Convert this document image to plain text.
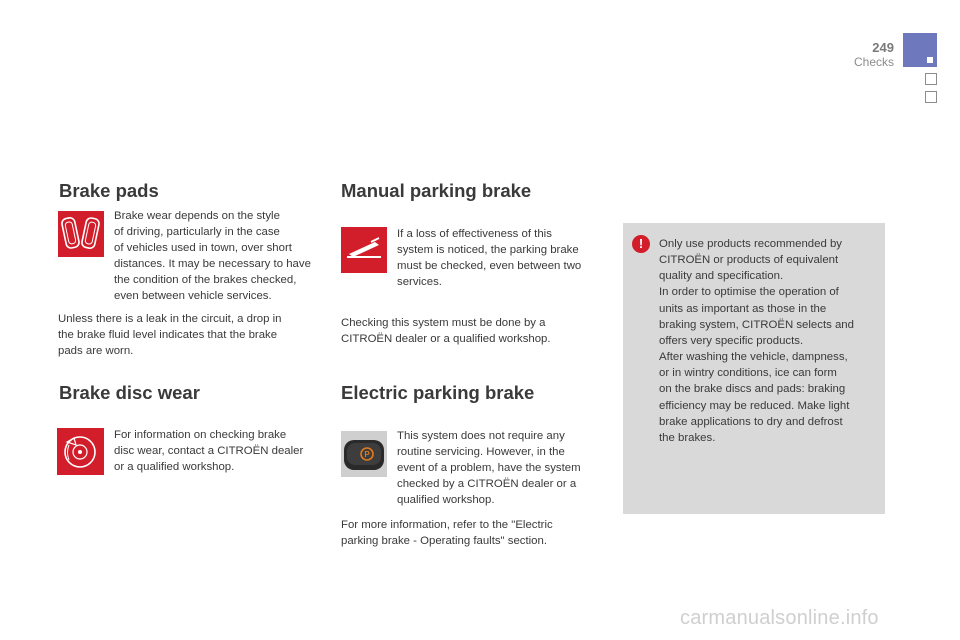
249
Checks
Brake pads
Brake wear depends on the style
of driving, particularly in the case
of vehicles used in town, over short
distances. It may be necessary to have
the condition of the brakes checked,
even between vehicle services.
Unless there is a leak in the circuit, a drop in
the brake fluid level indicates that the brake
pads are worn.
Brake disc wear
For information on checking brake
disc wear, contact a CITROËN dealer
or a qualified workshop.
Manual parking brake
If a loss of effectiveness of this
system is noticed, the parking brake
must be checked, even between two
services.
Checking this system must be done by a
CITROËN dealer or a qualified workshop.
Electric parking brake
P
This system does not require any
routine servicing. However, in the
event of a problem, have the system
checked by a CITROËN dealer or a
qualified workshop.
For more information, refer to the "Electric
parking brake - Operating faults" section.
!	Only use products recommended by
CITROËN or products of equivalent
quality and specification.
In order to optimise the operation of
units as important as those in the
braking system, CITROËN selects and
offers very specific products.
After washing the vehicle, dampness,
or in wintry conditions, ice can form
on the brake discs and pads: braking
efficiency may be reduced. Make light
brake applications to dry and defrost
the brakes.
carmanualsonline.info
